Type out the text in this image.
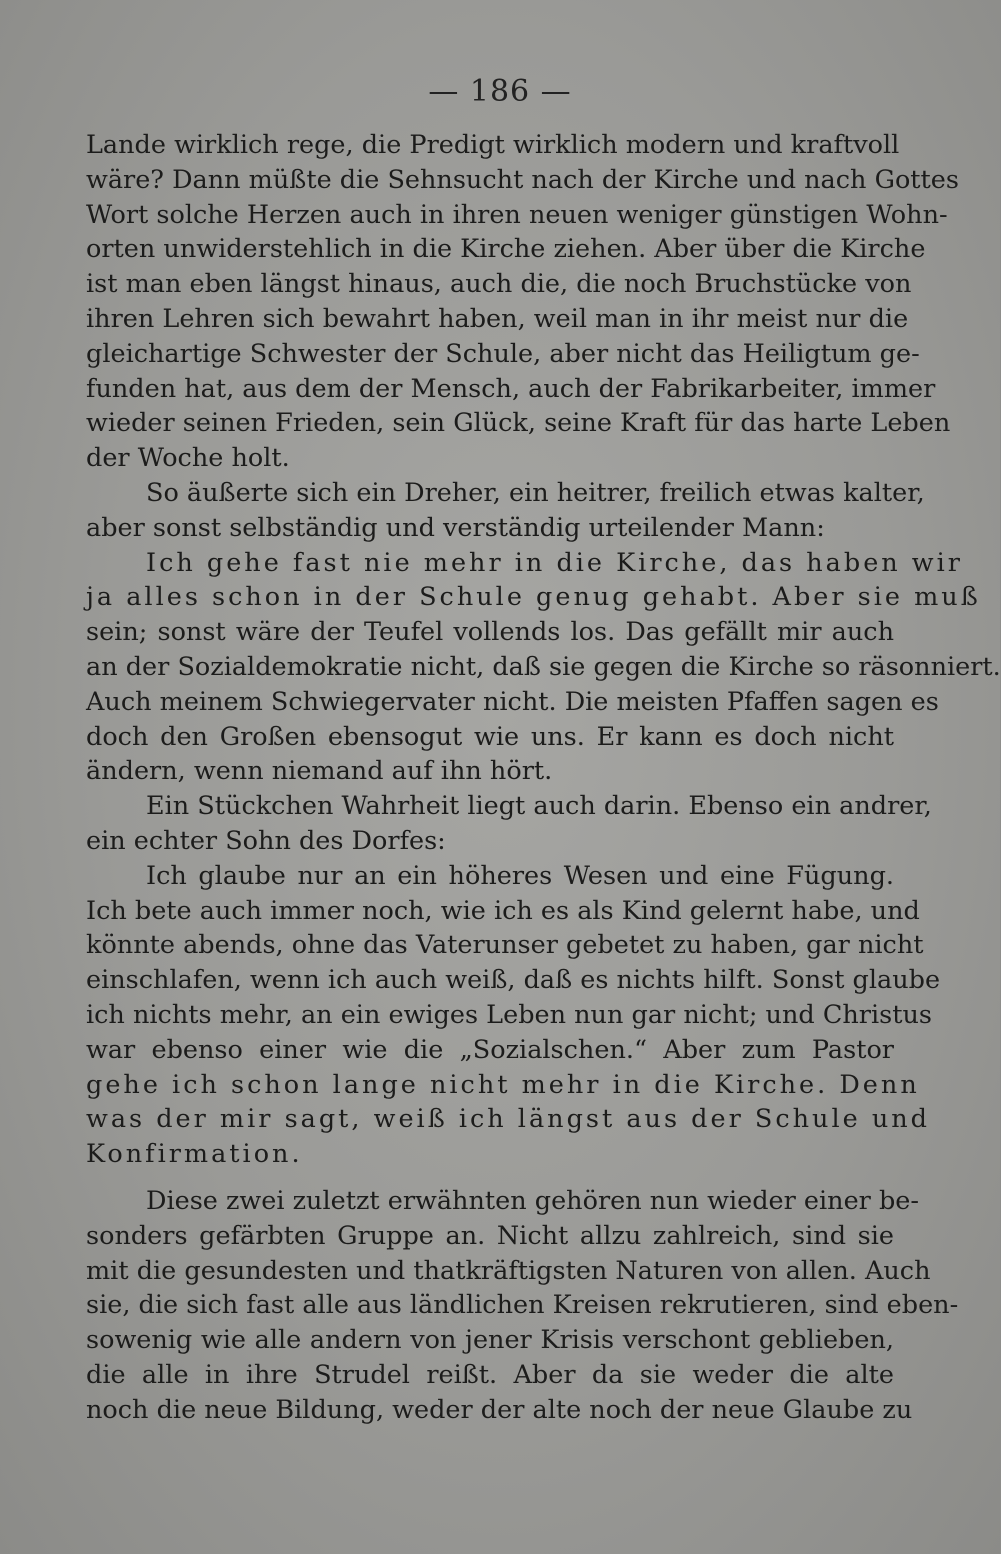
— 186 —
Lande wirklich rege, die Predigt wirklich modern und kraftvoll
wäre? Dann müßte die Sehnsucht nach der Kirche und nach Gottes
Wort solche Herzen auch in ihren neuen weniger günstigen Wohn-
orten unwiderstehlich in die Kirche ziehen. Aber über die Kirche
ist man eben längst hinaus, auch die, die noch Bruchstücke von
ihren Lehren sich bewahrt haben, weil man in ihr meist nur die
gleichartige Schwester der Schule, aber nicht das Heiligtum ge-
funden hat, aus dem der Mensch, auch der Fabrikarbeiter, immer
wieder seinen Frieden, sein Glück, seine Kraft für das harte Leben
der Woche holt.
So äußerte sich ein Dreher, ein heitrer, freilich etwas kalter,
aber sonst selbständig und verständig urteilender Mann:
Ich gehe fast nie mehr in die Kirche, das haben wir
ja alles schon in der Schule genug gehabt. Aber sie muß
sein; sonst wäre der Teufel vollends los. Das gefällt mir auch
an der Sozialdemokratie nicht, daß sie gegen die Kirche so räsonniert.
Auch meinem Schwiegervater nicht. Die meisten Pfaffen sagen es
doch den Großen ebensogut wie uns. Er kann es doch nicht
ändern, wenn niemand auf ihn hört.
Ein Stückchen Wahrheit liegt auch darin. Ebenso ein andrer,
ein echter Sohn des Dorfes:
Ich glaube nur an ein höheres Wesen und eine Fügung.
Ich bete auch immer noch, wie ich es als Kind gelernt habe, und
könnte abends, ohne das Vaterunser gebetet zu haben, gar nicht
einschlafen, wenn ich auch weiß, daß es nichts hilft. Sonst glaube
ich nichts mehr, an ein ewiges Leben nun gar nicht; und Christus
war ebenso einer wie die „Sozialschen.“ Aber zum Pastor
gehe ich schon lange nicht mehr in die Kirche. Denn
was der mir sagt, weiß ich längst aus der Schule und
Konfirmation.
Diese zwei zuletzt erwähnten gehören nun wieder einer be-
sonders gefärbten Gruppe an. Nicht allzu zahlreich, sind sie
mit die gesundesten und thatkräftigsten Naturen von allen. Auch
sie, die sich fast alle aus ländlichen Kreisen rekrutieren, sind eben-
sowenig wie alle andern von jener Krisis verschont geblieben,
die alle in ihre Strudel reißt. Aber da sie weder die alte
noch die neue Bildung, weder der alte noch der neue Glaube zu
